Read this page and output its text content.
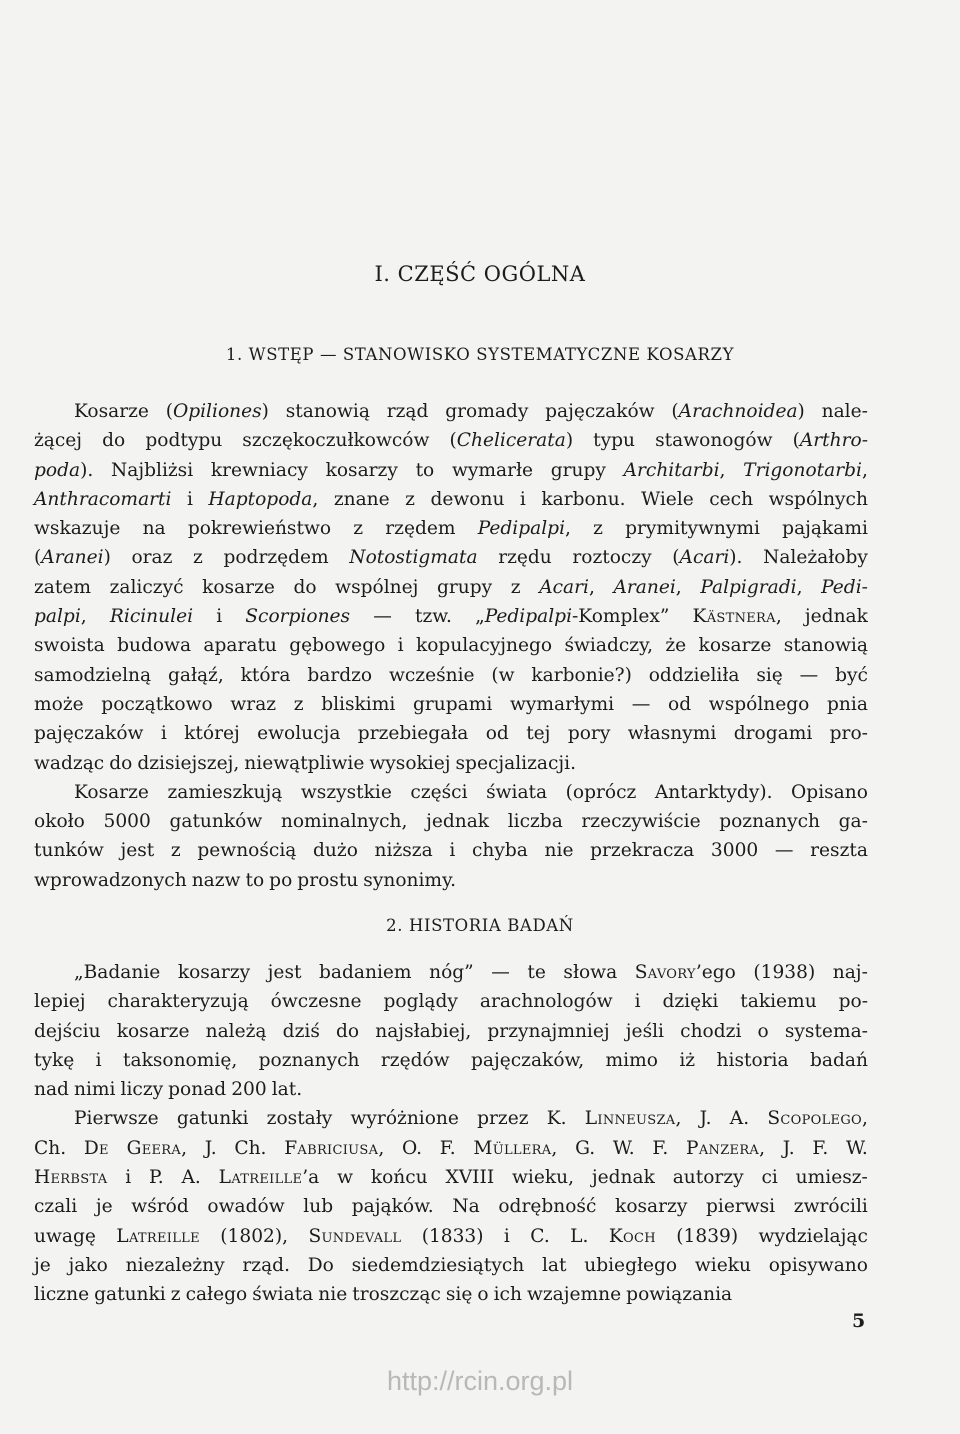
I. CZĘŚĆ OGÓLNA
1. WSTĘP — STANOWISKO SYSTEMATYCZNE KOSARZY
Kosarze (Opiliones) stanowią rząd gromady pajęczaków (Arachnoidea) nale-
żącej do podtypu szczękoczułkowców (Chelicerata) typu stawonogów (Arthro-
poda). Najbliżsi krewniacy kosarzy to wymarłe grupy Architarbi, Trigonotarbi,
Anthracomarti i Haptopoda, znane z dewonu i karbonu. Wiele cech wspólnych
wskazuje na pokrewieństwo z rzędem Pedipalpi, z prymitywnymi pająkami
(Aranei) oraz z podrzędem Notostigmata rzędu roztoczy (Acari). Należałoby
zatem zaliczyć kosarze do wspólnej grupy z Acari, Aranei, Palpigradi, Pedi-
palpi, Ricinulei i Scorpiones — tzw. „Pedipalpi-Komplex” Kästnera, jednak
swoista budowa aparatu gębowego i kopulacyjnego świadczy, że kosarze stanowią
samodzielną gałąź, która bardzo wcześnie (w karbonie?) oddzieliła się — być
może początkowo wraz z bliskimi grupami wymarłymi — od wspólnego pnia
pajęczaków i której ewolucja przebiegała od tej pory własnymi drogami pro-
wadząc do dzisiejszej, niewątpliwie wysokiej specjalizacji.
Kosarze zamieszkują wszystkie części świata (oprócz Antarktydy). Opisano
około 5000 gatunków nominalnych, jednak liczba rzeczywiście poznanych ga-
tunków jest z pewnością dużo niższa i chyba nie przekracza 3000 — reszta
wprowadzonych nazw to po prostu synonimy.
2. HISTORIA BADAŃ
„Badanie kosarzy jest badaniem nóg” — te słowa Savory’ego (1938) naj-
lepiej charakteryzują ówczesne poglądy arachnologów i dzięki takiemu po-
dejściu kosarze należą dziś do najsłabiej, przynajmniej jeśli chodzi o systema-
tykę i taksonomię, poznanych rzędów pajęczaków, mimo iż historia badań
nad nimi liczy ponad 200 lat.
Pierwsze gatunki zostały wyróżnione przez K. Linneusza, J. A. Scopolego,
Ch. De Geera, J. Ch. Fabriciusa, O. F. Müllera, G. W. F. Panzera, J. F. W.
Herbsta i P. A. Latreille’a w końcu XVIII wieku, jednak autorzy ci umiesz-
czali je wśród owadów lub pająków. Na odrębność kosarzy pierwsi zwrócili
uwagę Latreille (1802), Sundevall (1833) i C. L. Koch (1839) wydzielając
je jako niezależny rząd. Do siedemdziesiątych lat ubiegłego wieku opisywano
liczne gatunki z całego świata nie troszcząc się o ich wzajemne powiązania
5
http://rcin.org.pl
